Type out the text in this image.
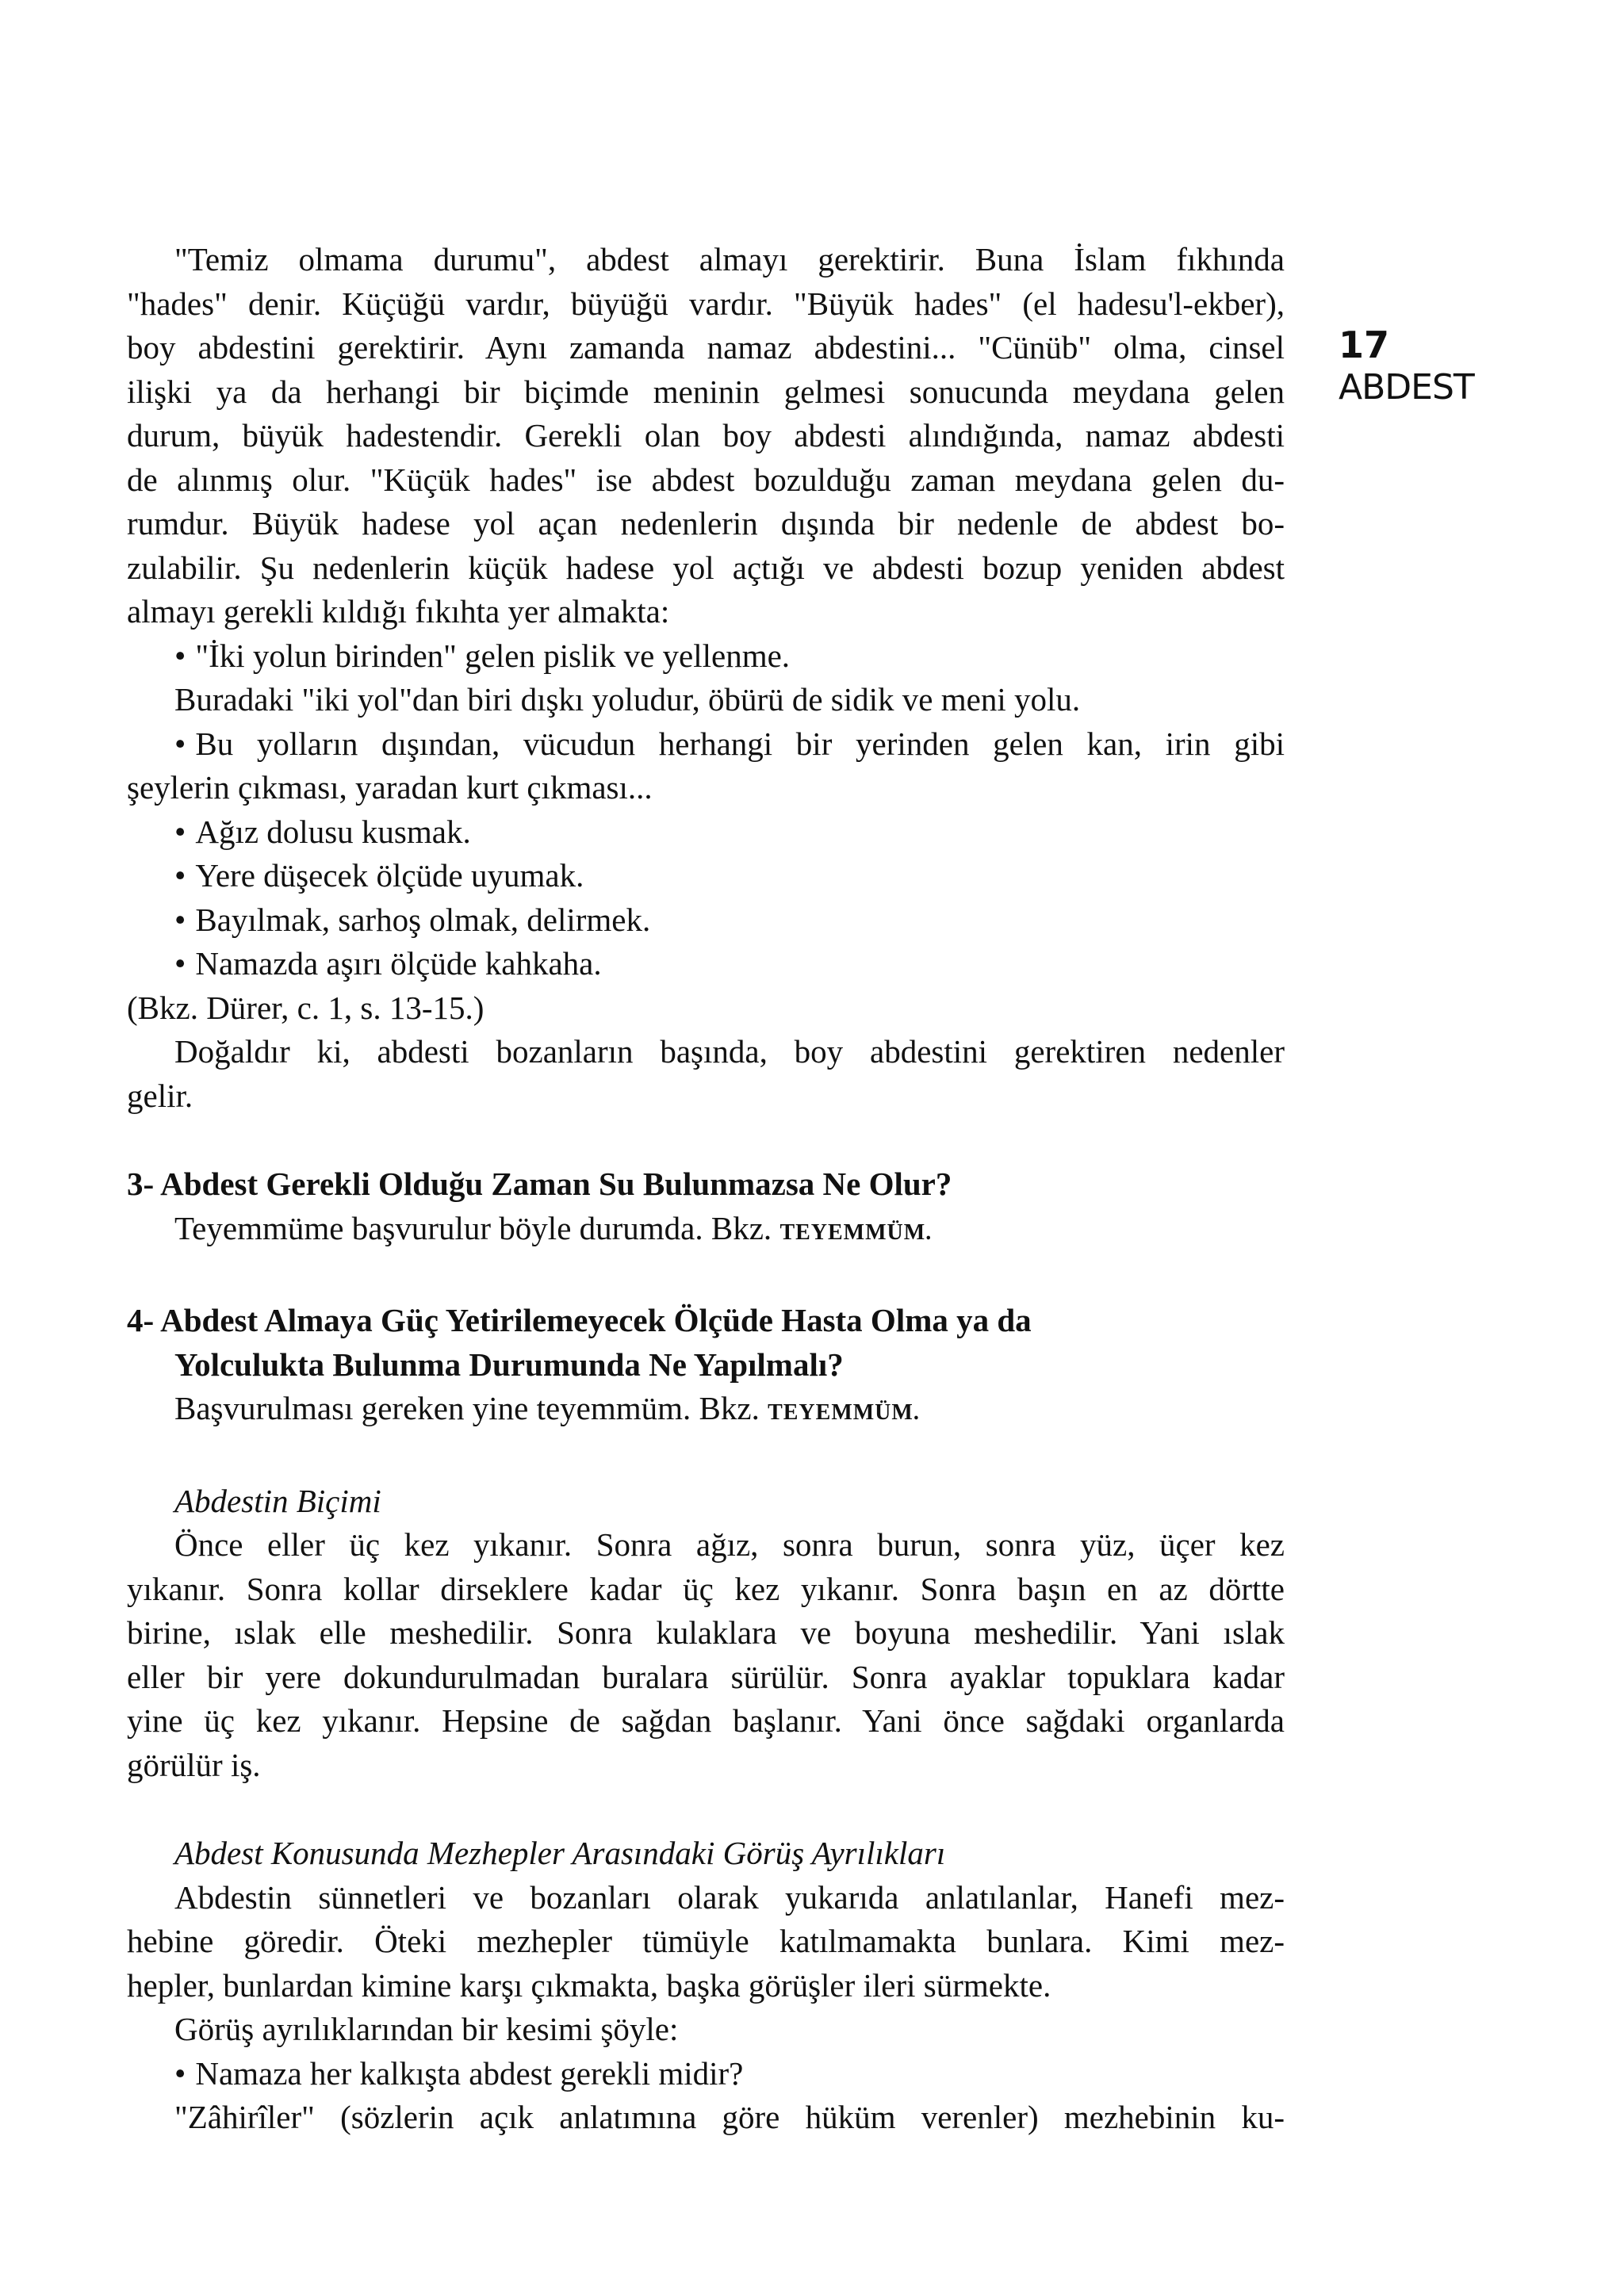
17
ABDEST

"Temiz olmama durumu", abdest almayı gerektirir. Buna İslam fıkhında

"hades" denir. Küçüğü vardır, büyüğü vardır. "Büyük hades" (el hadesu'l-ekber),

boy abdestini gerektirir. Aynı zamanda namaz abdestini... "Cünüb" olma, cinsel

ilişki ya da herhangi bir biçimde meninin gelmesi sonucunda meydana gelen

durum, büyük hadestendir. Gerekli olan boy abdesti alındığında, namaz abdesti

de alınmış olur. "Küçük hades" ise abdest bozulduğu zaman meydana gelen du-

rumdur. Büyük hadese yol açan nedenlerin dışında bir nedenle de abdest bo-

zulabilir. Şu nedenlerin küçük hadese yol açtığı ve abdesti bozup yeniden abdest

almayı gerekli kıldığı fıkıhta yer almakta:

• "İki yolun birinden" gelen pislik ve yellenme.

Buradaki "iki yol"dan biri dışkı yoludur, öbürü de sidik ve meni yolu.

• Bu yolların dışından, vücudun herhangi bir yerinden gelen kan, irin gibi

şeylerin çıkması, yaradan kurt çıkması...

• Ağız dolusu kusmak.

• Yere düşecek ölçüde uyumak.

• Bayılmak, sarhoş olmak, delirmek.

• Namazda aşırı ölçüde kahkaha.

(Bkz. Dürer, c. 1, s. 13-15.)

Doğaldır ki, abdesti bozanların başında, boy abdestini gerektiren nedenler

gelir.

3- Abdest Gerekli Olduğu Zaman Su Bulunmazsa Ne Olur?

Teyemmüme başvurulur böyle durumda. Bkz. TEYEMMÜM.

4- Abdest Almaya Güç Yetirilemeyecek Ölçüde Hasta Olma ya da

Yolculukta Bulunma Durumunda Ne Yapılmalı?

Başvurulması gereken yine teyemmüm. Bkz. TEYEMMÜM.

Abdestin Biçimi

Önce eller üç kez yıkanır. Sonra ağız, sonra burun, sonra yüz, üçer kez

yıkanır. Sonra kollar dirseklere kadar üç kez yıkanır. Sonra başın en az dörtte

birine, ıslak elle meshedilir. Sonra kulaklara ve boyuna meshedilir. Yani ıslak

eller bir yere dokundurulmadan buralara sürülür. Sonra ayaklar topuklara kadar

yine üç kez yıkanır. Hepsine de sağdan başlanır. Yani önce sağdaki organlarda

görülür iş.

Abdest Konusunda Mezhepler Arasındaki Görüş Ayrılıkları

Abdestin sünnetleri ve bozanları olarak yukarıda anlatılanlar, Hanefi mez-

hebine göredir. Öteki mezhepler tümüyle katılmamakta bunlara. Kimi mez-

hepler, bunlardan kimine karşı çıkmakta, başka görüşler ileri sürmekte.

Görüş ayrılıklarından bir kesimi şöyle:

• Namaza her kalkışta abdest gerekli midir?

"Zâhirîler" (sözlerin açık anlatımına göre hüküm verenler) mezhebinin ku-
